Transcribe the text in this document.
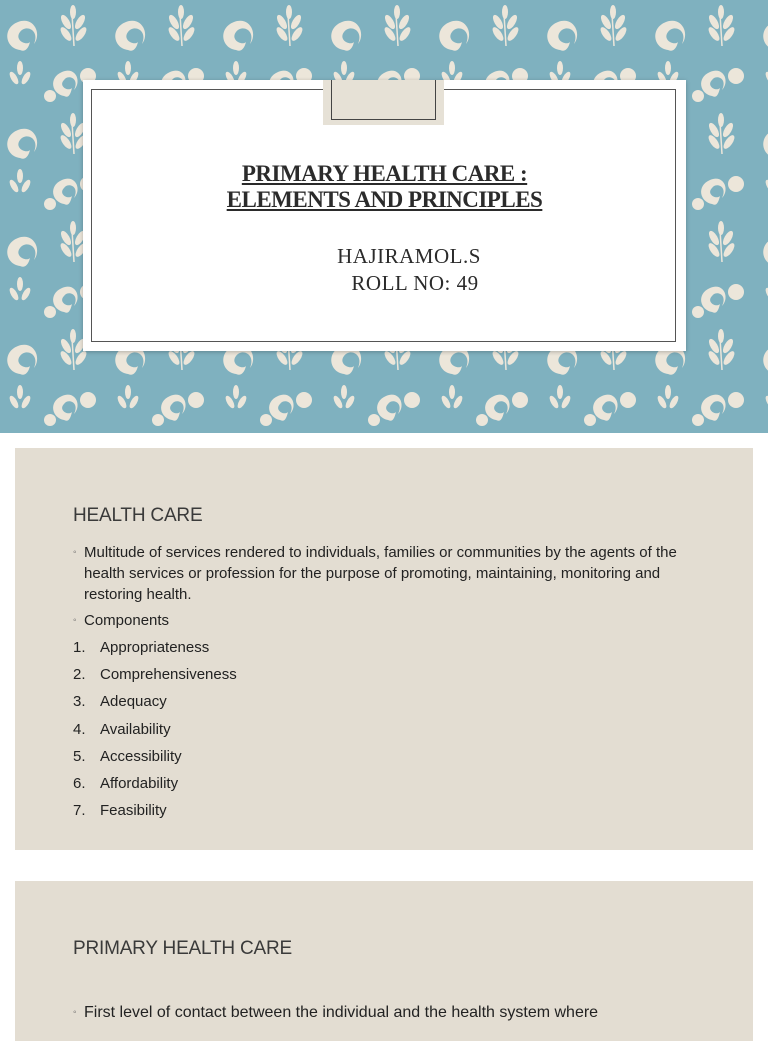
PRIMARY HEALTH CARE :
ELEMENTS AND PRINCIPLES
HAJIRAMOL.S
ROLL NO: 49
HEALTH CARE
◦ Multitude of services rendered to individuals, families or communities by the agents of the health services or profession for the purpose of promoting, maintaining, monitoring and restoring health.
◦ Components
1. Appropriateness
2. Comprehensiveness
3. Adequacy
4. Availability
5. Accessibility
6. Affordability
7. Feasibility
PRIMARY HEALTH CARE
◦ First level of contact between the individual and the health system where
